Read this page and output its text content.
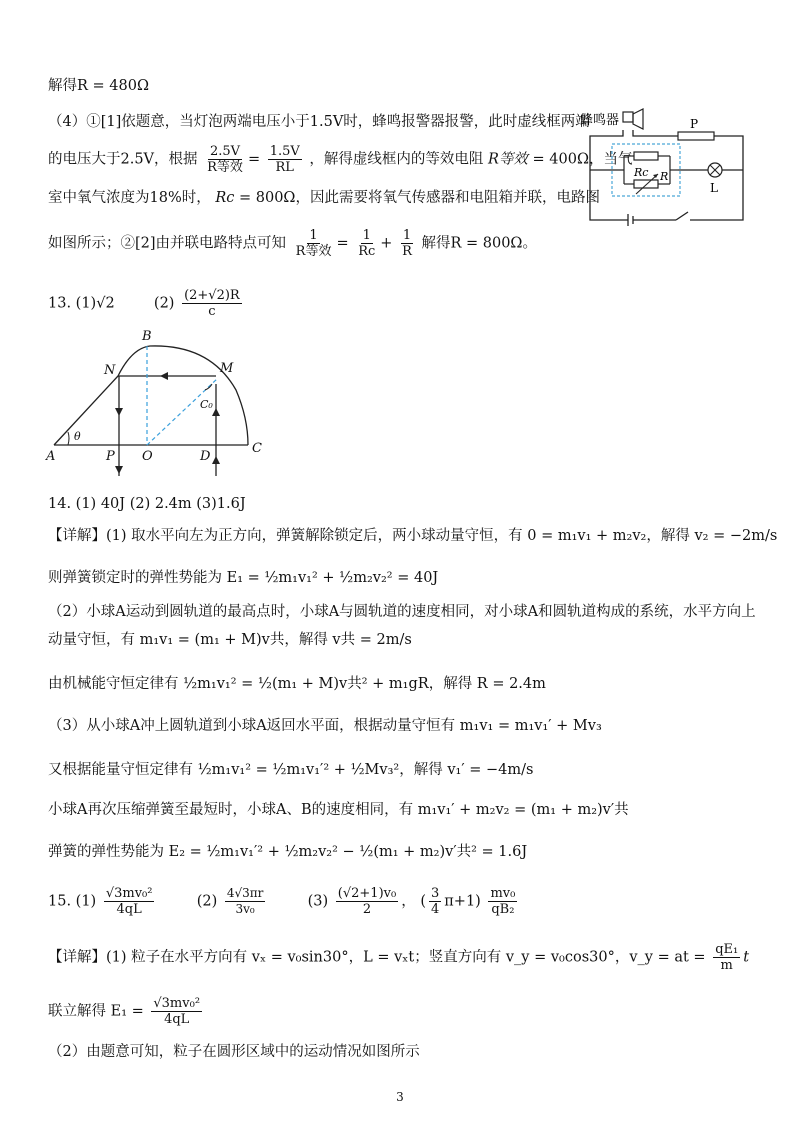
解得R = 480Ω
（4）①[1]依题意，当灯泡两端电压小于1.5V时，蜂鸣报警器报警，此时虚线框两端
的电压大于2.5V，根据 $\frac{2.5V}{\text{R等效}} = \frac{1.5V}{RL}$ ，解得虚线框内的等效电阻 R等效 = 400Ω，当气
室中氧气浓度为18%时， Rc = 800Ω，因此需要将氧气传感器和电阻箱并联，电路图
如图所示；②[2]由并联电路特点可知 $\frac{1}{\text{R等效}} = \frac{1}{Rc} + \frac{1}{R}$ 解得R = 800Ω。
蜂鸣器	P
Rc R
L
13. (1)√2	$(2) \frac{(2+√2)R}{c}$
B
N	M
C₀
θ
A	P O	D
C
14. (1) 40J (2) 2.4m (3)1.6J
【详解】(1) 取水平向左为正方向，弹簧解除锁定后，两小球动量守恒，有 0 = m₁v₁ + m₂v₂，解得 v₂ = −2m/s
则弹簧锁定时的弹性势能为 E₁ = ½m₁v₁² + ½m₂v₂² = 40J
（2）小球A运动到圆轨道的最高点时，小球A与圆轨道的速度相同，对小球A和圆轨道构成的系统，水平方向上
动量守恒，有 m₁v₁ = (m₁ + M)v共，解得 v共 = 2m/s
由机械能守恒定律有 ½m₁v₁² = ½(m₁ + M)v共² + m₁gR，解得 R = 2.4m
（3）从小球A冲上圆轨道到小球A返回水平面，根据动量守恒有 m₁v₁ = m₁v₁′ + Mv₃
又根据能量守恒定律有 ½m₁v₁² = ½m₁v₁′² + ½Mv₃²，解得 v₁′ = −4m/s
小球A再次压缩弹簧至最短时，小球A、B的速度相同，有 m₁v₁′ + m₂v₂ = (m₁ + m₂)v′共
弹簧的弹性势能为 E₂ = ½m₁v₁′² + ½m₂v₂² − ½(m₁ + m₂)v′共² = 1.6J
15. $(1) \frac{\text{√3mv₀²}}{4qL}$	$(2) \frac{4√3\pi r}{\text{3v₀}}$	$(3) \frac{\text{(√2+1)v₀}}{2}$ ， ( $\frac{3}{4} \pi+1) \frac{\text{mv₀}}{\text{qB₂}}$
【详解】(1) 粒子在水平方向有 vₓ = v₀sin30°，L = vₓt；竖直方向有 v_y = v₀cos30°，v_y = at = $\frac{\text{qE₁}}{m}$ t
联立解得 $E_1 = \frac{\text{√3mv₀²}}{4qL}$
（2）由题意可知，粒子在圆形区域中的运动情况如图所示
3
